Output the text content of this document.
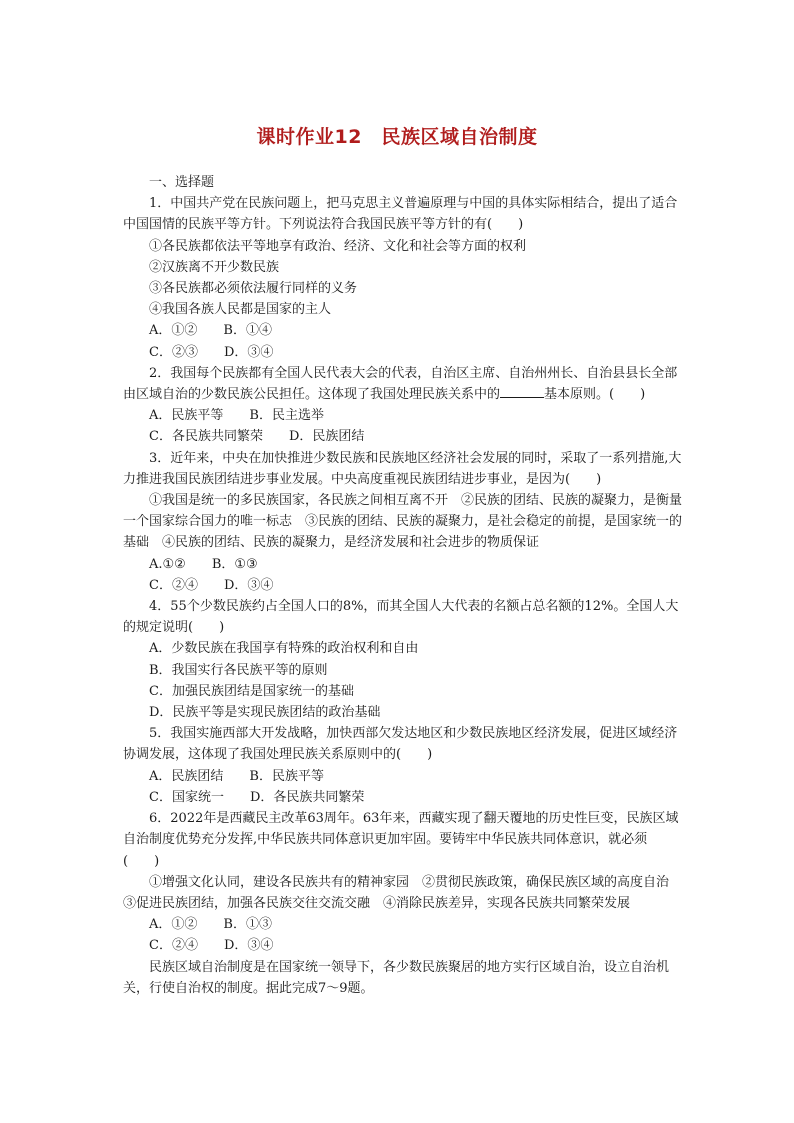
课时作业12　民族区域自治制度

一、选择题

1．中国共产党在民族问题上，把马克思主义普遍原理与中国的具体实际相结合，提出了适合中国国情的民族平等方针。下列说法符合我国民族平等方针的有(　　)

①各民族都依法平等地享有政治、经济、文化和社会等方面的权利

②汉族离不开少数民族

③各民族都必须依法履行同样的义务

④我国各族人民都是国家的主人

A．①②　　B．①④

C．②③　　D．③④

2．我国每个民族都有全国人民代表大会的代表，自治区主席、自治州州长、自治县县长全部由区域自治的少数民族公民担任。这体现了我国处理民族关系中的	基本原则。(　　)

A．民族平等　　B．民主选举

C．各民族共同繁荣　　D．民族团结

3．近年来，中央在加快推进少数民族和民族地区经济社会发展的同时，采取了一系列措施,大力推进我国民族团结进步事业发展。中央高度重视民族团结进步事业，是因为(　　)

①我国是统一的多民族国家，各民族之间相互离不开　②民族的团结、民族的凝聚力，是衡量一个国家综合国力的唯一标志　③民族的团结、民族的凝聚力，是社会稳定的前提，是国家统一的基础　④民族的团结、民族的凝聚力，是经济发展和社会进步的物质保证

A.①②　　B．①③

C．②④　　D．③④

4．55个少数民族约占全国人口的8%，而其全国人大代表的名额占总名额的12%。全国人大的规定说明(　　)

A．少数民族在我国享有特殊的政治权利和自由

B．我国实行各民族平等的原则

C．加强民族团结是国家统一的基础

D．民族平等是实现民族团结的政治基础

5．我国实施西部大开发战略，加快西部欠发达地区和少数民族地区经济发展，促进区域经济协调发展，这体现了我国处理民族关系原则中的(　　)

A．民族团结　　B．民族平等

C．国家统一　　D．各民族共同繁荣

6．2022年是西藏民主改革63周年。63年来，西藏实现了翻天覆地的历史性巨变，民族区域自治制度优势充分发挥,中华民族共同体意识更加牢固。要铸牢中华民族共同体意识，就必须(　　)

①增强文化认同，建设各民族共有的精神家园　②贯彻民族政策，确保民族区域的高度自治　③促进民族团结，加强各民族交往交流交融　④消除民族差异，实现各民族共同繁荣发展

A．①②　　B．①③

C．②④　　D．③④

民族区域自治制度是在国家统一领导下，各少数民族聚居的地方实行区域自治，设立自治机关，行使自治权的制度。据此完成7～9题。
